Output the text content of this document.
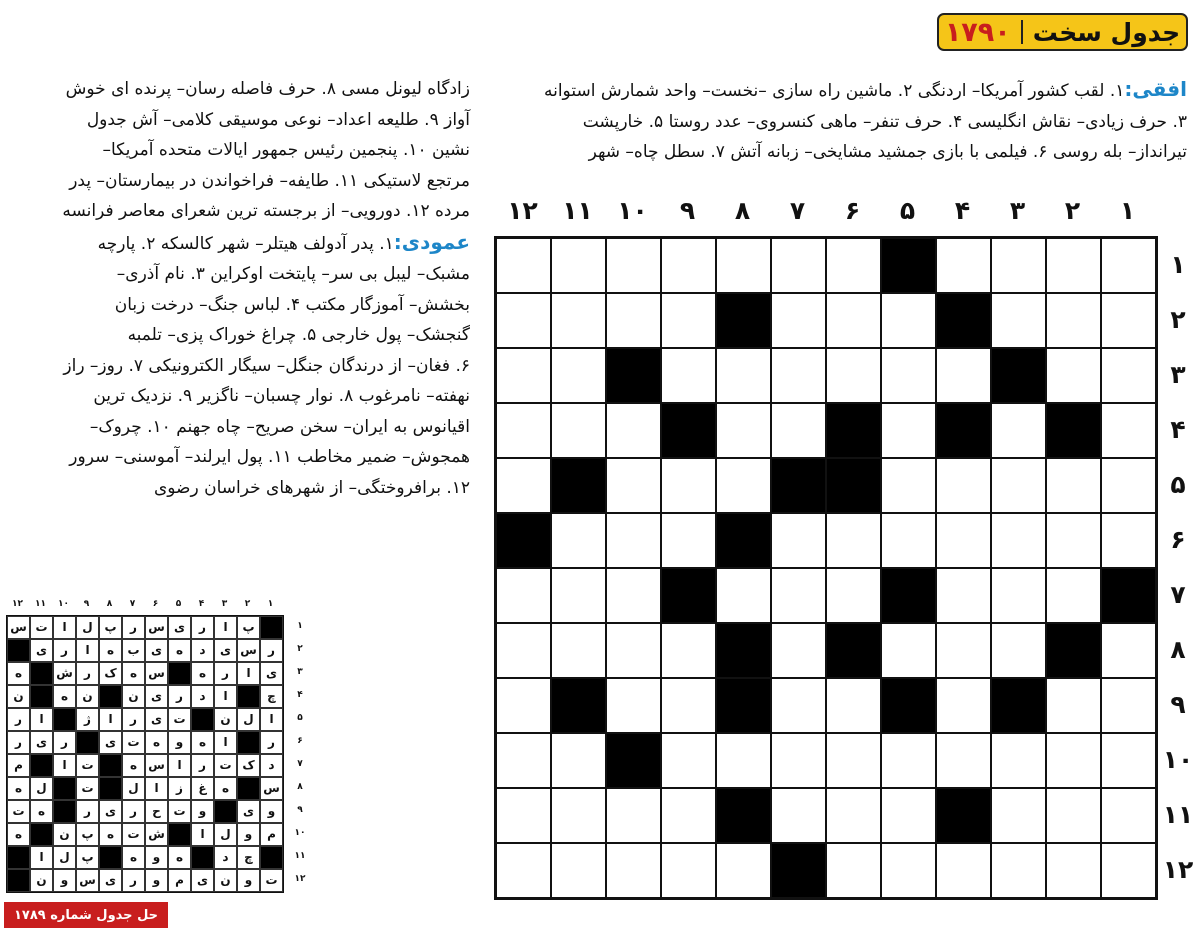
جدول سخت
۱۷۹۰
افقی:۱. لقب کشور آمریکا– اردنگی ۲. ماشین راه سازی –نخست– واحد شمارش استوانه
۳. حرف زیادی– نقاش انگلیسی ۴. حرف تنفر– ماهی کنسروی– عدد روستا ۵. خارپشت
تیرانداز– بله روسی ۶. فیلمی با بازی جمشید مشایخی– زبانه آتش ۷. سطل چاه– شهر
زادگاه لیونل مسی ۸. حرف فاصله رسان– پرنده ای خوش
آواز ۹. طلیعه اعداد– نوعی موسیقی کلامی– آش جدول
نشین ۱۰. پنجمین رئیس جمهور ایالات متحده آمریکا–
مرتجع لاستیکی ۱۱. طایفه– فراخواندن در بیمارستان– پدر
مرده ۱۲. دورویی– از برجسته ترین شعرای معاصر فرانسه
عمودی:۱. پدر آدولف هیتلر– شهر کالسکه ۲. پارچه
مشبک– لیبل بی سر– پایتخت اوکراین ۳. نام آذری–
بخشش– آموزگار مکتب ۴. لباس جنگ– درخت زبان
گنجشک– پول خارجی ۵. چراغ خوراک پزی– تلمبه
۶. فغان– از درندگان جنگل– سیگار الکترونیکی ۷. روز– راز
نهفته– نامرغوب ۸. نوار چسبان– ناگزیر ۹. نزدیک ترین
اقیانوس به ایران– سخن صریح– چاه جهنم ۱۰. چروک–
همجوش– ضمیر مخاطب ۱۱. پول ایرلند– آموسنی– سرور
۱۲. برافروختگی– از شهرهای خراسان رضوی
۱
۲
۳
۴
۵
۶
۷
۸
۹
۱۰
۱۱
۱۲
۱
۲
۳
۴
۵
۶
۷
۸
۹
۱۰
۱۱
۱۲
۱
۲
۳
۴
۵
۶
۷
۸
۹
۱۰
۱۱
۱۲
۱
۲
۳
۴
۵
۶
۷
۸
۹
۱۰
۱۱
۱۲
پ
ا
ر
ی
س
ر
پ
ل
ا
ت
س
ر
س
ی
د
ه
ی
ب
ه
ا
ر
ی
ی
ا
ر
ه
س
ه
ک
ر
ش
ه
چ
ا
د
ر
ی
ن
ن
ه
ن
ا
ل
ن
ت
ی
ر
ا
ژ
ا
ر
ر
ا
ه
و
ه
ت
ی
ر
ی
ر
د
ک
ت
ر
ا
س
ه
ت
ا
م
س
ه
غ
ز
ا
ل
ت
ل
ه
و
ی
و
ت
ح
ر
ی
ر
ه
ت
م
و
ل
ا
ش
ت
ه
پ
ن
ه
چ
د
ه
و
ه
پ
ل
ا
ت
و
ن
ی
م
و
ر
ی
س
و
ن
حل جدول شماره ۱۷۸۹
